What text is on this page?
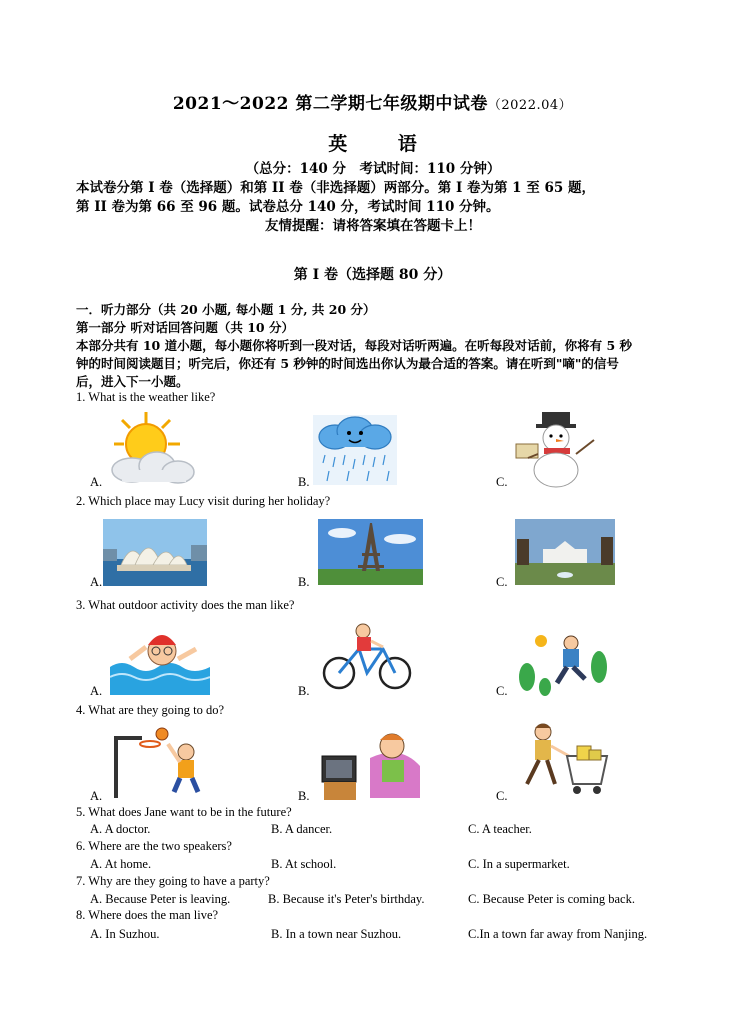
2021～2022 第二学期七年级期中试卷（2022.04）
英 语
（总分：140 分　考试时间：110 分钟）
本试卷分第 I 卷（选择题）和第 II 卷（非选择题）两部分。第 I 卷为第 1 至 65 题，
第 II 卷为第 66 至 96 题。试卷总分 140 分，考试时间 110 分钟。
友情提醒：请将答案填在答题卡上！
第 I 卷（选择题 80 分）
一．听力部分（共 20 小题, 每小题 1 分, 共 20 分）
第一部分 听对话回答问题（共 10 分）
本部分共有 10 道小题，每小题你将听到一段对话，每段对话听两遍。在听每段对话前，你将有 5 秒
钟的时间阅读题目；听完后，你还有 5 秒钟的时间选出你认为最合适的答案。请在听到"嘀"的信号
后，进入下一小题。
1. What is the weather like?
A.	B.	C.
2. Which place may Lucy visit during her holiday?
A.	B.	C.
3. What outdoor activity does the man like?
A.	B.	C.
4. What are they going to do?
A.	B.	C.
5. What does Jane want to be in the future?
A. A doctor.	B. A dancer.	C. A teacher.
6. Where are the two speakers?
A. At home.	B. At school.	C. In a supermarket.
7. Why are they going to have a party?
A. Because Peter is leaving.	B. Because it's Peter's birthday.	C. Because Peter is coming back.
8. Where does the man live?
A. In Suzhou.	B. In a town near Suzhou.	C.In a town far away from Nanjing.
